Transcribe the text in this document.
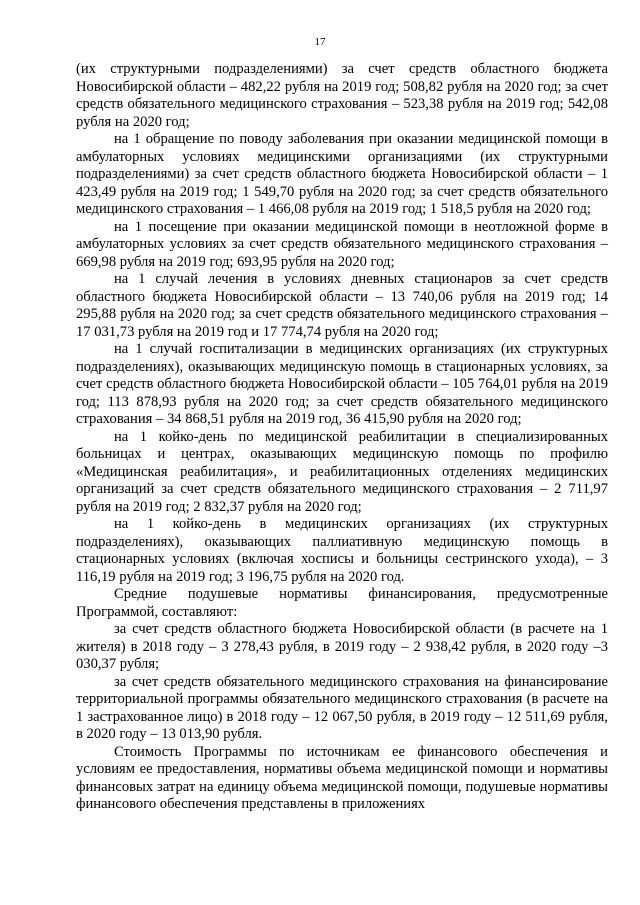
17

(их структурными подразделениями) за счет средств областного бюджета Новосибирской области – 482,22 рубля на 2019 год; 508,82 рубля на 2020 год; за счет средств обязательного медицинского страхования – 523,38 рубля на 2019 год; 542,08 рубля на 2020 год;

на 1 обращение по поводу заболевания при оказании медицинской помощи в амбулаторных условиях медицинскими организациями (их структурными подразделениями) за счет средств областного бюджета Новосибирской области – 1 423,49 рубля на 2019 год; 1 549,70 рубля на 2020 год; за счет средств обязательного медицинского страхования – 1 466,08 рубля на 2019 год; 1 518,5 рубля на 2020 год;

на 1 посещение при оказании медицинской помощи в неотложной форме в амбулаторных условиях за счет средств обязательного медицинского страхования – 669,98 рубля на 2019 год; 693,95 рубля на 2020 год;

на 1 случай лечения в условиях дневных стационаров за счет средств областного бюджета Новосибирской области – 13 740,06 рубля на 2019 год; 14 295,88 рубля на 2020 год; за счет средств обязательного медицинского страхования – 17 031,73 рубля на 2019 год и 17 774,74 рубля на 2020 год;

на 1 случай госпитализации в медицинских организациях (их структурных подразделениях), оказывающих медицинскую помощь в стационарных условиях, за счет средств областного бюджета Новосибирской области – 105 764,01 рубля на 2019 год; 113 878,93 рубля на 2020 год; за счет средств обязательного медицинского страхования – 34 868,51 рубля на 2019 год, 36 415,90 рубля на 2020 год;

на 1 койко-день по медицинской реабилитации в специализированных больницах и центрах, оказывающих медицинскую помощь по профилю «Медицинская реабилитация», и реабилитационных отделениях медицинских организаций за счет средств обязательного медицинского страхования – 2 711,97 рубля на 2019 год; 2 832,37 рубля на 2020 год;

на 1 койко-день в медицинских организациях (их структурных подразделениях), оказывающих паллиативную медицинскую помощь в стационарных условиях (включая хосписы и больницы сестринского ухода), – 3 116,19 рубля на 2019 год; 3 196,75 рубля на 2020 год.

Средние подушевые нормативы финансирования, предусмотренные Программой, составляют:

за счет средств областного бюджета Новосибирской области (в расчете на 1 жителя) в 2018 году – 3 278,43 рубля, в 2019 году – 2 938,42 рубля, в 2020 году –3 030,37 рубля;

за счет средств обязательного медицинского страхования на финансирование территориальной программы обязательного медицинского страхования (в расчете на 1 застрахованное лицо) в 2018 году – 12 067,50 рубля, в 2019 году – 12 511,69 рубля, в 2020 году – 13 013,90 рубля.

Стоимость Программы по источникам ее финансового обеспечения и условиям ее предоставления, нормативы объема медицинской помощи и нормативы финансовых затрат на единицу объема медицинской помощи, подушевые нормативы финансового обеспечения представлены в приложениях
